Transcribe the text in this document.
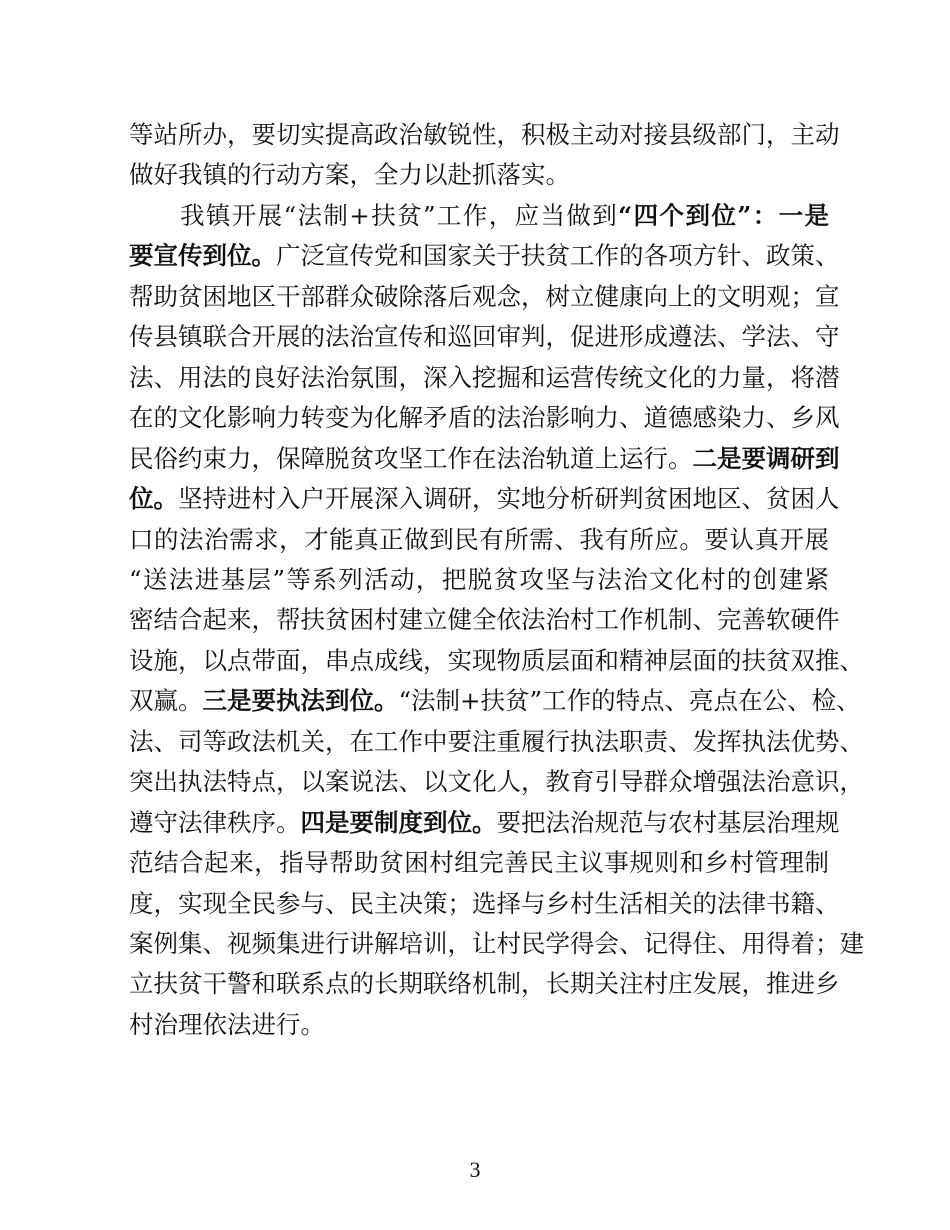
等站所办，要切实提高政治敏锐性，积极主动对接县级部门，主动
做好我镇的行动方案，全力以赴抓落实。
我镇开展“法制+扶贫”工作，应当做到“四个到位”：一是
要宣传到位。广泛宣传党和国家关于扶贫工作的各项方针、政策、
帮助贫困地区干部群众破除落后观念，树立健康向上的文明观；宣
传县镇联合开展的法治宣传和巡回审判，促进形成遵法、学法、守
法、用法的良好法治氛围，深入挖掘和运营传统文化的力量，将潜
在的文化影响力转变为化解矛盾的法治影响力、道德感染力、乡风
民俗约束力，保障脱贫攻坚工作在法治轨道上运行。二是要调研到
位。坚持进村入户开展深入调研，实地分析研判贫困地区、贫困人
口的法治需求，才能真正做到民有所需、我有所应。要认真开展
“送法进基层”等系列活动，把脱贫攻坚与法治文化村的创建紧
密结合起来，帮扶贫困村建立健全依法治村工作机制、完善软硬件
设施，以点带面，串点成线，实现物质层面和精神层面的扶贫双推、
双赢。三是要执法到位。“法制+扶贫”工作的特点、亮点在公、检、
法、司等政法机关，在工作中要注重履行执法职责、发挥执法优势、
突出执法特点，以案说法、以文化人，教育引导群众增强法治意识，
遵守法律秩序。四是要制度到位。要把法治规范与农村基层治理规
范结合起来，指导帮助贫困村组完善民主议事规则和乡村管理制
度，实现全民参与、民主决策；选择与乡村生活相关的法律书籍、
案例集、视频集进行讲解培训，让村民学得会、记得住、用得着；建
立扶贫干警和联系点的长期联络机制，长期关注村庄发展，推进乡
村治理依法进行。
3
